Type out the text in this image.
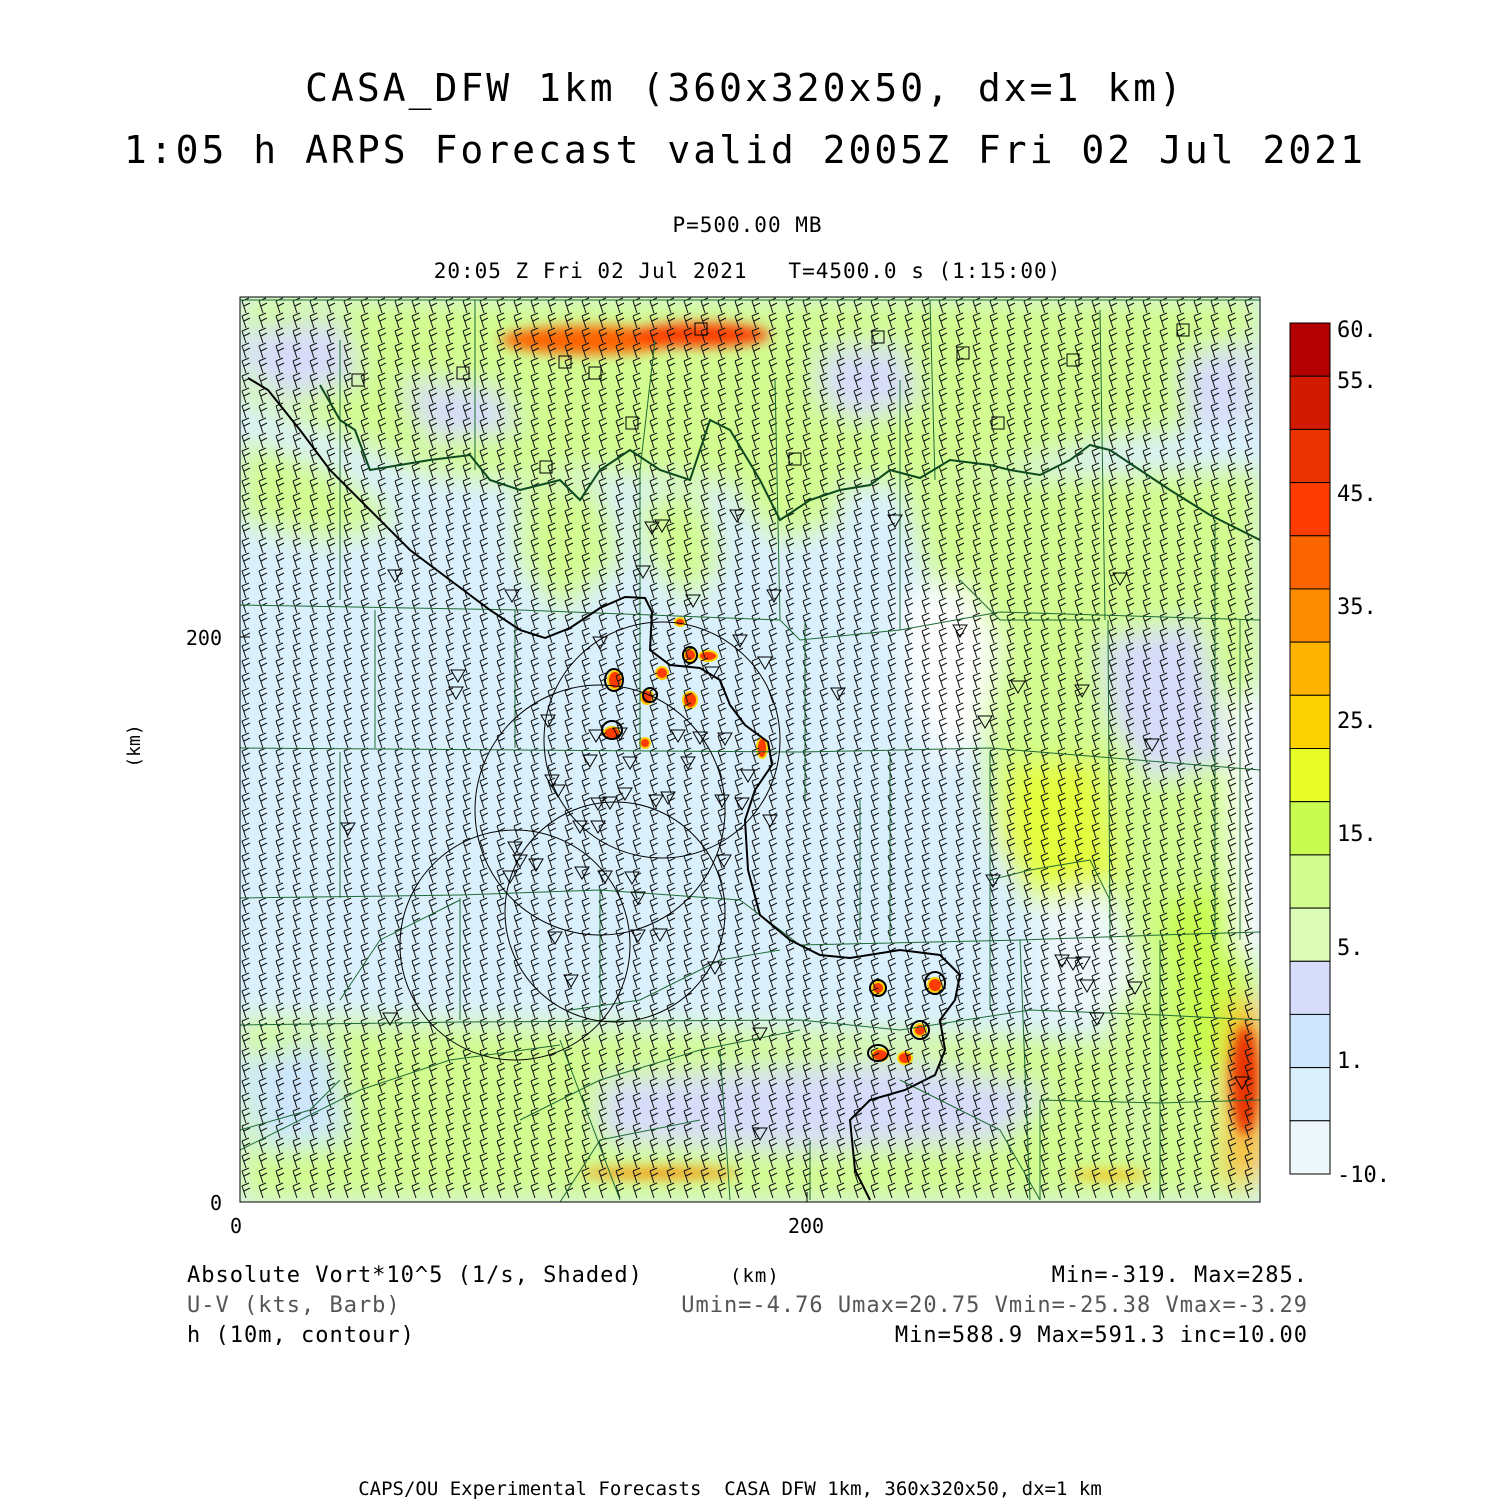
CASA_DFW 1km (360x320x50, dx=1 km)
1:05 h ARPS Forecast valid 2005Z Fri 02 Jul 2021
P=500.00 MB
20:05 Z Fri 02 Jul 2021   T=4500.0 s (1:15:00)
0	200
0
200
(km)
60.
55.
45.
35.
25.
15.
5.
1.
-10.
Absolute Vort*10^5 (1/s, Shaded)	(km)	Min=-319. Max=285.
U-V (kts, Barb)	Umin=-4.76 Umax=20.75 Vmin=-25.38 Vmax=-3.29
h (10m, contour)	Min=588.9 Max=591.3 inc=10.00
CAPS/OU Experimental Forecasts  CASA DFW 1km, 360x320x50, dx=1 km
